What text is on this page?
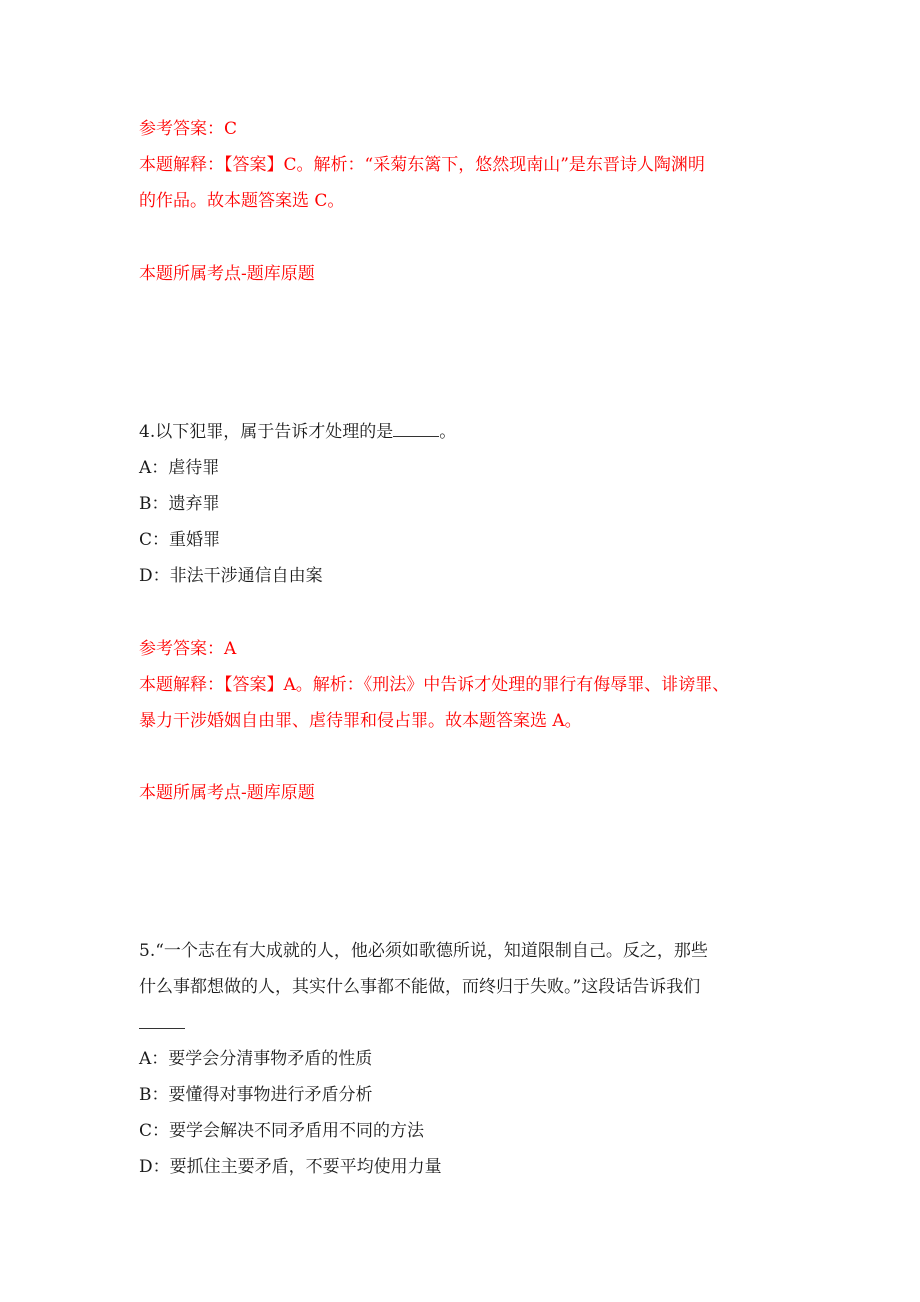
参考答案：C
本题解释：【答案】C。解析：“采菊东篱下，悠然现南山”是东晋诗人陶渊明
的作品。故本题答案选 C。
本题所属考点-题库原题
4.以下犯罪，属于告诉才处理的是	。
A：虐待罪
B：遗弃罪
C：重婚罪
D：非法干涉通信自由案
参考答案：A
本题解释：【答案】A。解析：《刑法》中告诉才处理的罪行有侮辱罪、诽谤罪、
暴力干涉婚姻自由罪、虐待罪和侵占罪。故本题答案选 A。
本题所属考点-题库原题
5.“一个志在有大成就的人，他必须如歌德所说，知道限制自己。反之，那些
什么事都想做的人，其实什么事都不能做，而终归于失败。”这段话告诉我们
A：要学会分清事物矛盾的性质
B：要懂得对事物进行矛盾分析
C：要学会解决不同矛盾用不同的方法
D：要抓住主要矛盾，不要平均使用力量
